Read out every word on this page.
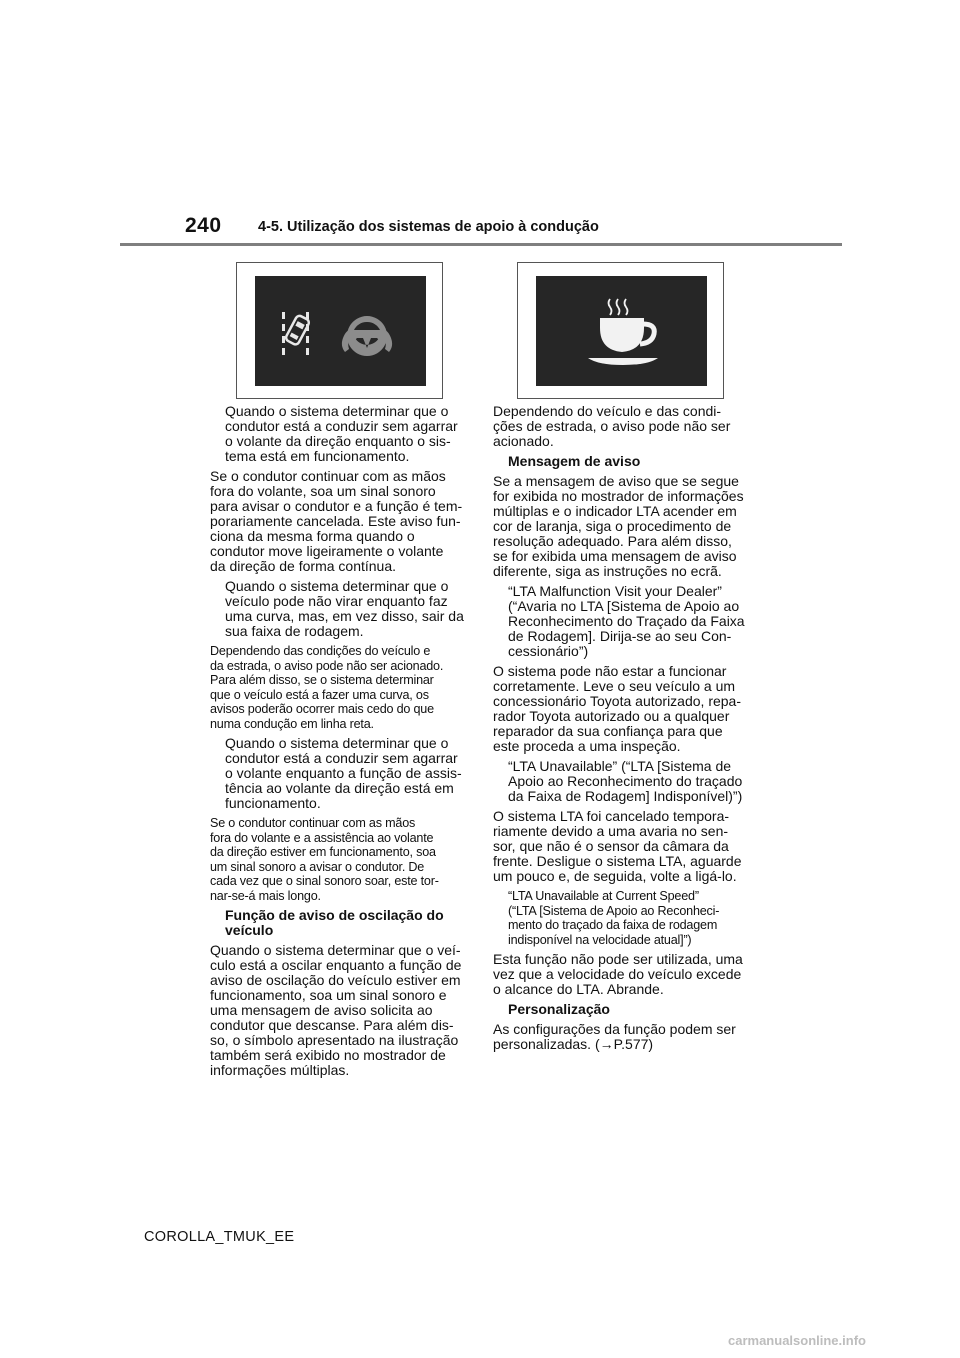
240	4-5. Utilização dos sistemas de apoio à condução

Quando o sistema determinar que o
condutor está a conduzir sem agarrar
o volante da direção enquanto o sis-
tema está em funcionamento.

Se o condutor continuar com as mãos
fora do volante, soa um sinal sonoro
para avisar o condutor e a função é tem-
porariamente cancelada. Este aviso fun-
ciona da mesma forma quando o
condutor move ligeiramente o volante
da direção de forma contínua.

Quando o sistema determinar que o
veículo pode não virar enquanto faz
uma curva, mas, em vez disso, sair da
sua faixa de rodagem.

Dependendo das condições do veículo e
da estrada, o aviso pode não ser acionado.
Para além disso, se o sistema determinar
que o veículo está a fazer uma curva, os
avisos poderão ocorrer mais cedo do que
numa condução em linha reta.

Quando o sistema determinar que o
condutor está a conduzir sem agarrar
o volante enquanto a função de assis-
tência ao volante da direção está em
funcionamento.

Se o condutor continuar com as mãos
fora do volante e a assistência ao volante
da direção estiver em funcionamento, soa
um sinal sonoro a avisar o condutor. De
cada vez que o sinal sonoro soar, este tor-
nar-se-á mais longo.

Função de aviso de oscilação do
veículo

Quando o sistema determinar que o veí-
culo está a oscilar enquanto a função de
aviso de oscilação do veículo estiver em
funcionamento, soa um sinal sonoro e
uma mensagem de aviso solicita ao
condutor que descanse. Para além dis-
so, o símbolo apresentado na ilustração
também será exibido no mostrador de
informações múltiplas.

Dependendo do veículo e das condi-
ções de estrada, o aviso pode não ser
acionado.

Mensagem de aviso

Se a mensagem de aviso que se segue
for exibida no mostrador de informações
múltiplas e o indicador LTA acender em
cor de laranja, siga o procedimento de
resolução adequado. Para além disso,
se for exibida uma mensagem de aviso
diferente, siga as instruções no ecrã.

“LTA Malfunction Visit your Dealer”
(“Avaria no LTA [Sistema de Apoio ao
Reconhecimento do Traçado da Faixa
de Rodagem]. Dirija-se ao seu Con-
cessionário”)

O sistema pode não estar a funcionar
corretamente. Leve o seu veículo a um
concessionário Toyota autorizado, repa-
rador Toyota autorizado ou a qualquer
reparador da sua confiança para que
este proceda a uma inspeção.

“LTA Unavailable” (“LTA [Sistema de
Apoio ao Reconhecimento do traçado
da Faixa de Rodagem] Indisponível)”)

O sistema LTA foi cancelado tempora-
riamente devido a uma avaria no sen-
sor, que não é o sensor da câmara da
frente. Desligue o sistema LTA, aguarde
um pouco e, de seguida, volte a ligá-lo.

“LTA Unavailable at Current Speed”
(“LTA [Sistema de Apoio ao Reconheci-
mento do traçado da faixa de rodagem
indisponível na velocidade atual]”)

Esta função não pode ser utilizada, uma
vez que a velocidade do veículo excede
o alcance do LTA. Abrande.

Personalização

As configurações da função podem ser
personalizadas. (→P.577)

COROLLA_TMUK_EE
carmanualsonline.info
